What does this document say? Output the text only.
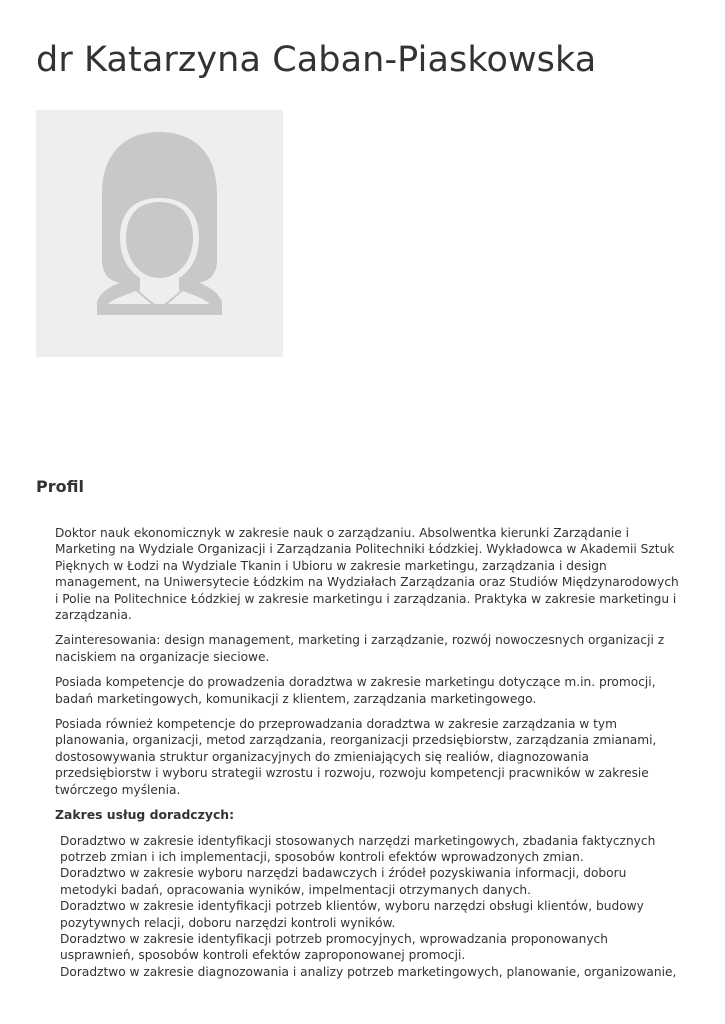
dr Katarzyna Caban-Piaskowska
Profil

Doktor nauk ekonomicznyk w zakresie nauk o zarządzaniu. Absolwentka kierunki Zarządanie i Marketing na Wydziale Organizacji i Zarządzania Politechniki Łódzkiej. Wykładowca w Akademii Sztuk Pięknych w Łodzi na Wydziale Tkanin i Ubioru w zakresie marketingu, zarządzania i design management, na Uniwersytecie Łódzkim na Wydziałach Zarządzania oraz Studiów Międzynarodowych i Polie na Politechnice Łódzkiej w zakresie marketingu i zarządzania. Praktyka w zakresie marketingu i zarządzania.

Zainteresowania: design management, marketing i zarządzanie, rozwój nowoczesnych organizacji z naciskiem na organizacje sieciowe.

Posiada kompetencje do prowadzenia doradztwa w zakresie marketingu dotyczące m.in. promocji, badań marketingowych, komunikacji z klientem, zarządzania marketingowego.

Posiada również kompetencje do przeprowadzania doradztwa w zakresie zarządzania w tym planowania, organizacji, metod zarządzania, reorganizacji przedsiębiorstw, zarządzania zmianami, dostosowywania struktur organizacyjnych do zmieniających się realiów, diagnozowania przedsiębiorstw i wyboru strategii wzrostu i rozwoju, rozwoju kompetencji pracwników w zakresie twórczego myślenia.

Zakres usług doradczych:
Doradztwo w zakresie identyfikacji stosowanych narzędzi marketingowych, zbadania faktycznych potrzeb zmian i ich implementacji, sposobów kontroli efektów wprowadzonych zmian.
Doradztwo w zakresie wyboru narzędzi badawczych i źródeł pozyskiwania informacji, doboru metodyki badań, opracowania wyników, impelmentacji otrzymanych danych.
Doradztwo w zakresie identyfikacji potrzeb klientów, wyboru narzędzi obsługi klientów, budowy pozytywnych relacji, doboru narzędzi kontroli wyników.
Doradztwo w zakresie identyfikacji potrzeb promocyjnych, wprowadzania proponowanych usprawnień, sposobów kontroli efektów zaproponowanej promocji.
Doradztwo w zakresie diagnozowania i analizy potrzeb marketingowych, planowanie, organizowanie,
